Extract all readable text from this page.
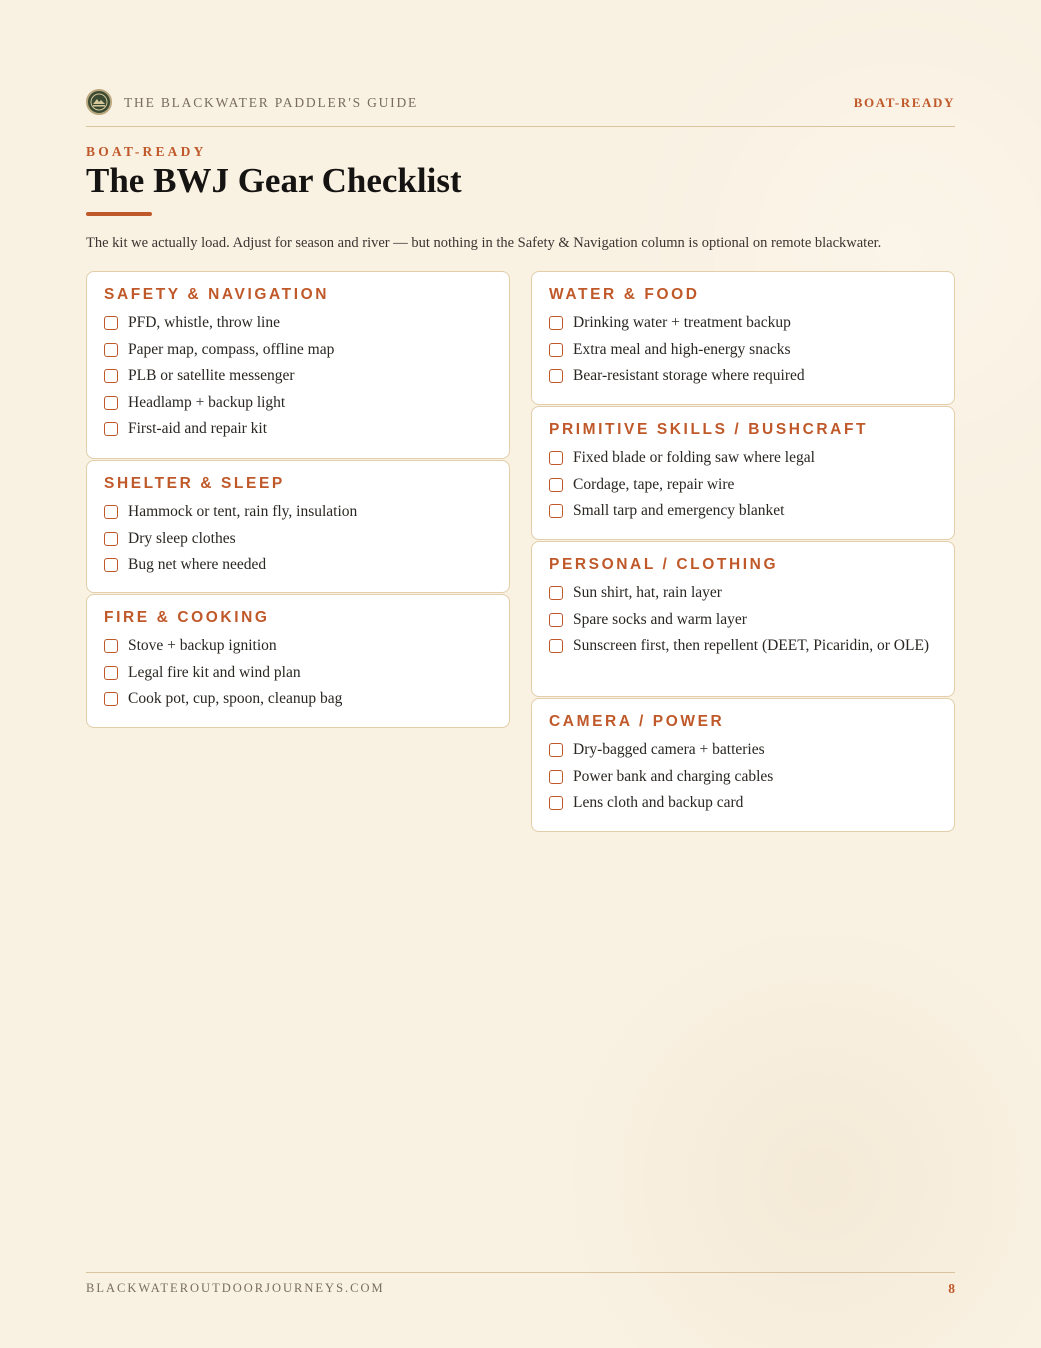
THE BLACKWATER PADDLER'S GUIDE	BOAT-READY
BOAT-READY
The BWJ Gear Checklist
The kit we actually load. Adjust for season and river — but nothing in the Safety & Navigation column is optional on remote blackwater.
SAFETY & NAVIGATION
PFD, whistle, throw line
Paper map, compass, offline map
PLB or satellite messenger
Headlamp + backup light
First-aid and repair kit
SHELTER & SLEEP
Hammock or tent, rain fly, insulation
Dry sleep clothes
Bug net where needed
FIRE & COOKING
Stove + backup ignition
Legal fire kit and wind plan
Cook pot, cup, spoon, cleanup bag
WATER & FOOD
Drinking water + treatment backup
Extra meal and high-energy snacks
Bear-resistant storage where required
PRIMITIVE SKILLS / BUSHCRAFT
Fixed blade or folding saw where legal
Cordage, tape, repair wire
Small tarp and emergency blanket
PERSONAL / CLOTHING
Sun shirt, hat, rain layer
Spare socks and warm layer
Sunscreen first, then repellent (DEET, Picaridin, or OLE)
CAMERA / POWER
Dry-bagged camera + batteries
Power bank and charging cables
Lens cloth and backup card
BLACKWATEROUTDOORJOURNEYS.COM	8
